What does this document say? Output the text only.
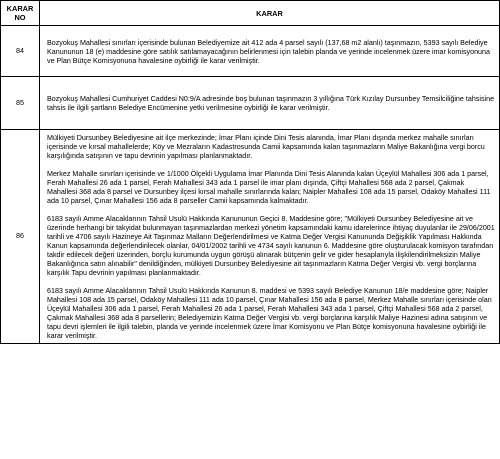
KARAR NO	KARAR
84	Bozyokuş Mahallesi sınırları içerisinde bulunan Belediyemize ait 412 ada 4 parsel sayılı (137,68 m2 alanlı) taşınmazın, 5393 sayılı Belediye Kanununun 18 (e) maddesine göre satılık satılamayacağının belirlenmesi için talebin planda ve yerinde incelenmek üzere imar komisyonuna ve Plan Bütçe Komisyonuna havalesine oybirliği ile karar verilmiştir.

85	Bozyokuş Mahallesi Cumhuriyet Caddesi N0:9/A adresinde boş bulunan taşınmazın 3 yıllığına Türk Kızılay Dursunbey Temsilciliğine tahsisine tahsis ile ilgili şartların Belediye Encümenine yetki verilmesine oybirliği ile karar verilmiştir.

86	Mülkiyeti Dursunbey Belediyesine ait ilçe merkezinde; İmar Planı içinde Dini Tesis alanında, İmar Planı dışında merkez mahalle sınırları içerisinde ve kırsal mahallelerde; Köy ve Mezraların Kadastrosunda Camii kapsamında kalan taşınmazların Maliye Bakanlığına vergi borcu karşılığında satışının ve tapu devrinin yapılması planlanmaktadır.

Merkez Mahalle sınırları içerisinde ve 1/1000 Ölçekli Uygulama İmar Planında Dini Tesis Alanında kalan Üçeylül Mahallesi 306 ada 1 parsel, Ferah Mahallesi 26 ada 1 parsel, Ferah Mahallesi 343 ada 1 parsel ile imar planı dışında, Çiftçi Mahallesi 568 ada 2 parsel, Çakmak Mahallesi 368 ada 8 parsel ve Dursunbey ilçesi kırsal mahalle sınırlarında kalan; Naipler Mahallesi 108 ada 15 parsel, Odaköy Mahallesi 111 ada 10 parsel, Çınar Mahallesi 156 ada 8 parseller Camii kapsamında kalmaktadır.

6183 sayılı Amme Alacaklarının Tahsil Usulü Hakkında Kanununun Geçici 8. Maddesine göre; "Mülkiyeti Dursunbey Belediyesine ait ve üzerinde herhangi bir takyidat bulunmayan taşınmazlardan merkezi yönetim kapsamındaki kamu idarelerince ihtiyaç duyulanlar ile 29/06/2001 tarihli ve 4706 sayılı Hazineye Ait Taşınmaz Malların Değerlendirilmesi ve Katma Değer Vergisi Kanununda Değişiklik Yapılması Hakkında Kanun kapsamında değerlendirilecek olanlar, 04/01/2002 tarihli ve 4734 sayılı kanunun 6. Maddesine göre oluşturulacak komisyon tarafından takdir edilecek değeri üzerinden, borçlu kurumunda uygun görüşü alınarak bütçenin gelir ve gider hesaplarıyla ilişkilendirilmeksizin Maliye Bakanlığınca satın alınabilir" denildiğinden, mülkiyeti Dursunbey Belediyesine ait taşınmazların Katma Değer Vergisi vb. vergi borçlarına karşılık Tapu devrinin yapılması planlanmaktadır.

6183 sayılı Amme Alacaklarının Tahsil Usulü Hakkında Kanunun 8. maddesi ve 5393 sayılı Belediye Kanunun 18/e maddesine göre; Naipler Mahallesi 108 ada 15 parsel, Odaköy Mahallesi 111 ada 10 parsel, Çınar Mahallesi 156 ada 8 parsel, Merkez Mahalle sınırları içerisinde olan Üçeylül Mahallesi 306 ada 1 parsel, Ferah Mahallesi 26 ada 1 parsel, Ferah Mahallesi 343 ada 1 parsel, Çiftçi Mahallesi 568 ada 2 parsel, Çakmak Mahallesi 368 ada 8 parsellerin; Belediyemizin Katma Değer Vergisi vb. vergi borçlarına karşılık Maliye Hazinesi adına satışının ve tapu devri işlemleri ile ilgili talebin, planda ve yerinde incelenmek üzere İmar Komisyonu ve Plan Bütçe komisyonuna havalesine oybirliği ile karar verilmiştir.
